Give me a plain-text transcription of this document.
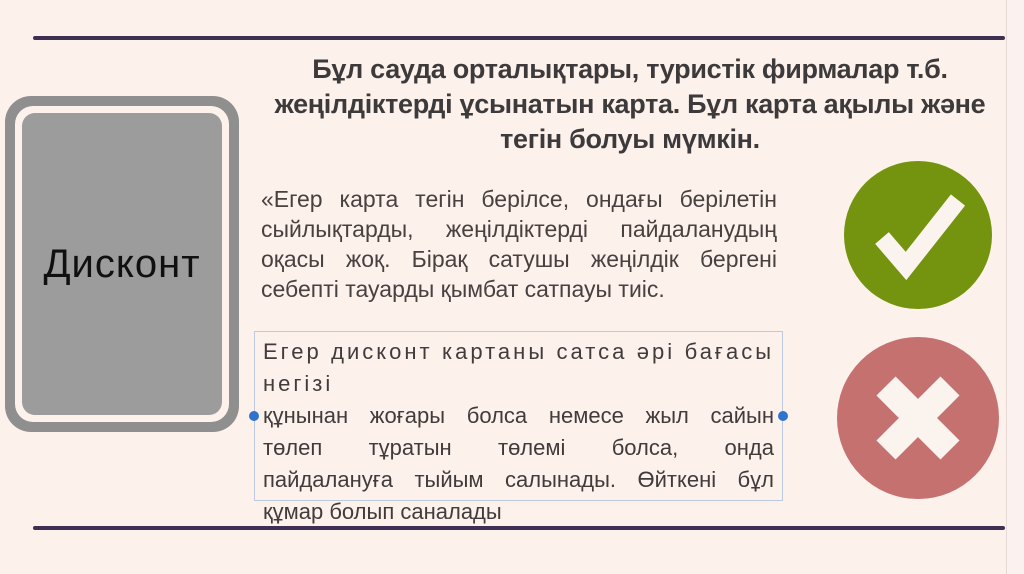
Бұл сауда орталықтары, туристік фирмалар т.б.
жеңілдіктерді ұсынатын карта. Бұл карта ақылы және
тегін болуы мүмкін.
Дисконт
«Егер карта тегін берілсе, ондағы берілетін
сыйлықтарды, жеңілдіктерді пайдаланудың
оқасы жоқ. Бірақ сатушы жеңілдік бергені
себепті тауарды қымбат сатпауы тиіс.
Егер дисконт картаны сатса әрі бағасы негізі
құнынан жоғары болса немесе жыл сайын
төлеп тұратын төлемі болса, онда
пайдалануға тыйым салынады. Өйткені бұл
құмар болып саналады
